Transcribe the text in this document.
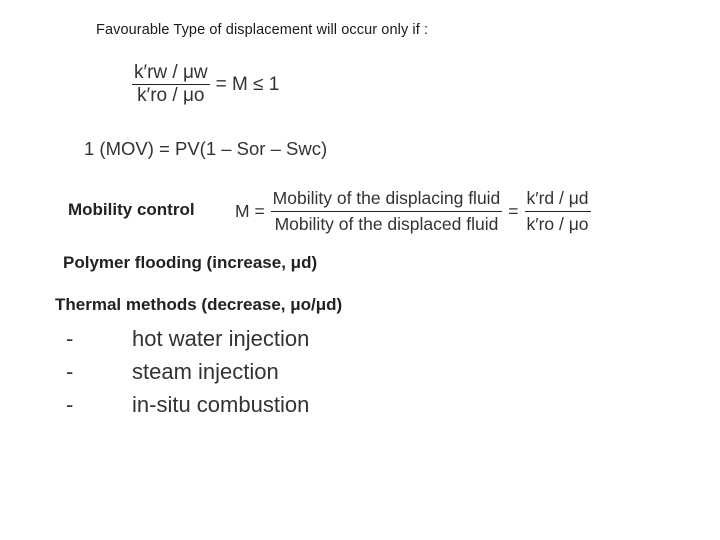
Favourable Type of displacement will occur only if :
$\frac{k'rw / \mu w}{k'ro / \mu o} = M \le 1$
1 (MOV) = PV(1 – Sor – Swc)
Mobility control $M = \frac{\text{Mobility of the displacing fluid}}{\text{Mobility of the displaced fluid}} = \frac{k'rd / \mu d}{k'ro / \mu o}$
Polymer flooding (increase, μd)
Thermal methods (decrease, μo/μd)
-	hot water injection
-	steam injection
-	in-situ combustion
